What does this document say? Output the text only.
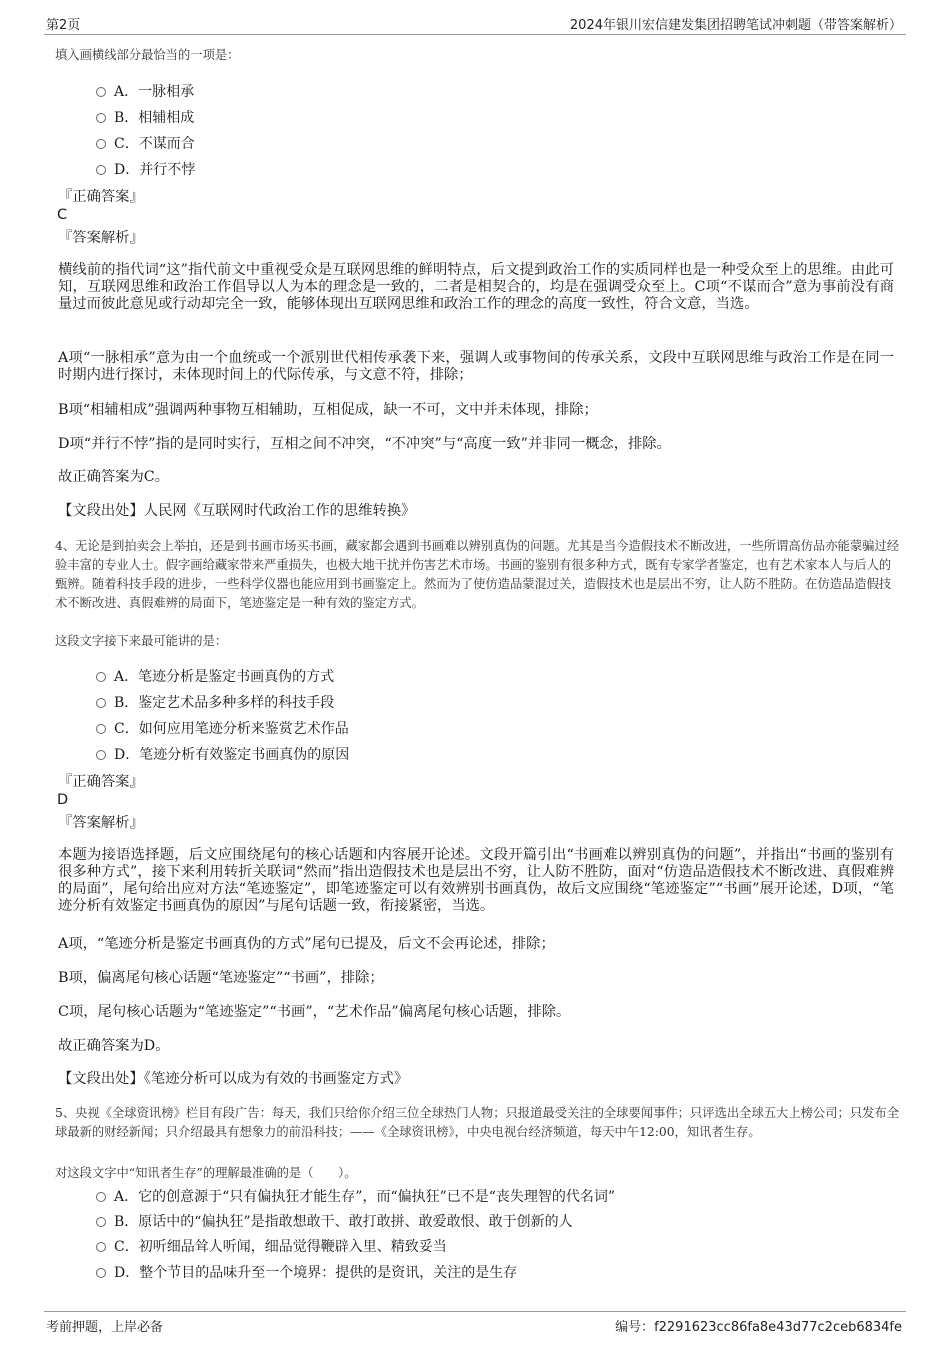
第2页	2024年银川宏信建发集团招聘笔试冲刺题（带答案解析）
填入画横线部分最恰当的一项是：
A．一脉相承
B．相辅相成
C．不谋而合
D．并行不悖
『正确答案』
C
『答案解析』
横线前的指代词“这”指代前文中重视受众是互联网思维的鲜明特点，后文提到政治工作的实质同样也是一种受众至上的思维。由此可知，互联网思维和政治工作倡导以人为本的理念是一致的，二者是相契合的，均是在强调受众至上。C项“不谋而合”意为事前没有商量过而彼此意见或行动却完全一致，能够体现出互联网思维和政治工作的理念的高度一致性，符合文意，当选。
A项“一脉相承”意为由一个血统或一个派别世代相传承袭下来，强调人或事物间的传承关系，文段中互联网思维与政治工作是在同一时期内进行探讨，未体现时间上的代际传承，与文意不符，排除；
B项“相辅相成”强调两种事物互相辅助，互相促成，缺一不可，文中并未体现，排除；
D项“并行不悖”指的是同时实行，互相之间不冲突，“不冲突”与“高度一致”并非同一概念，排除。
故正确答案为C。
【文段出处】人民网《互联网时代政治工作的思维转换》
4、无论是到拍卖会上举拍，还是到书画市场买书画，藏家都会遇到书画难以辨别真伪的问题。尤其是当今造假技术不断改进，一些所谓高仿品亦能蒙骗过经验丰富的专业人士。假字画给藏家带来严重损失，也极大地干扰并伤害艺术市场。书画的鉴别有很多种方式，既有专家学者鉴定，也有艺术家本人与后人的甄辨。随着科技手段的进步，一些科学仪器也能应用到书画鉴定上。然而为了使仿造品蒙混过关，造假技术也是层出不穷，让人防不胜防。在仿造品造假技术不断改进、真假难辨的局面下，笔迹鉴定是一种有效的鉴定方式。
这段文字接下来最可能讲的是：
A．笔迹分析是鉴定书画真伪的方式
B．鉴定艺术品多种多样的科技手段
C．如何应用笔迹分析来鉴赏艺术作品
D．笔迹分析有效鉴定书画真伪的原因
『正确答案』
D
『答案解析』
本题为接语选择题，后文应围绕尾句的核心话题和内容展开论述。文段开篇引出“书画难以辨别真伪的问题”，并指出“书画的鉴别有很多种方式”，接下来利用转折关联词“然而”指出造假技术也是层出不穷，让人防不胜防，面对“仿造品造假技术不断改进、真假难辨的局面”，尾句给出应对方法“笔迹鉴定”，即笔迹鉴定可以有效辨别书画真伪，故后文应围绕“笔迹鉴定”“书画”展开论述，D项，“笔迹分析有效鉴定书画真伪的原因”与尾句话题一致，衔接紧密，当选。
A项，“笔迹分析是鉴定书画真伪的方式”尾句已提及，后文不会再论述，排除；
B项，偏离尾句核心话题“笔迹鉴定”“书画”，排除；
C项，尾句核心话题为“笔迹鉴定”“书画”，“艺术作品”偏离尾句核心话题，排除。
故正确答案为D。
【文段出处】《笔迹分析可以成为有效的书画鉴定方式》
5、央视《全球资讯榜》栏目有段广告：每天，我们只给你介绍三位全球热门人物；只报道最受关注的全球要闻事件；只评选出全球五大上榜公司；只发布全球最新的财经新闻；只介绍最具有想象力的前沿科技；——《全球资讯榜》，中央电视台经济频道，每天中午12:00，知讯者生存。
对这段文字中“知讯者生存”的理解最准确的是（　　）。
A．它的创意源于“只有偏执狂才能生存”，而“偏执狂”已不是“丧失理智的代名词”
B．原话中的“偏执狂”是指敢想敢干、敢打敢拼、敢爱敢恨、敢于创新的人
C．初听细品耸人听闻，细品觉得鞭辟入里、精致妥当
D．整个节目的品味升至一个境界：提供的是资讯，关注的是生存
考前押题，上岸必备	编号：f2291623cc86fa8e43d77c2ceb6834fe
